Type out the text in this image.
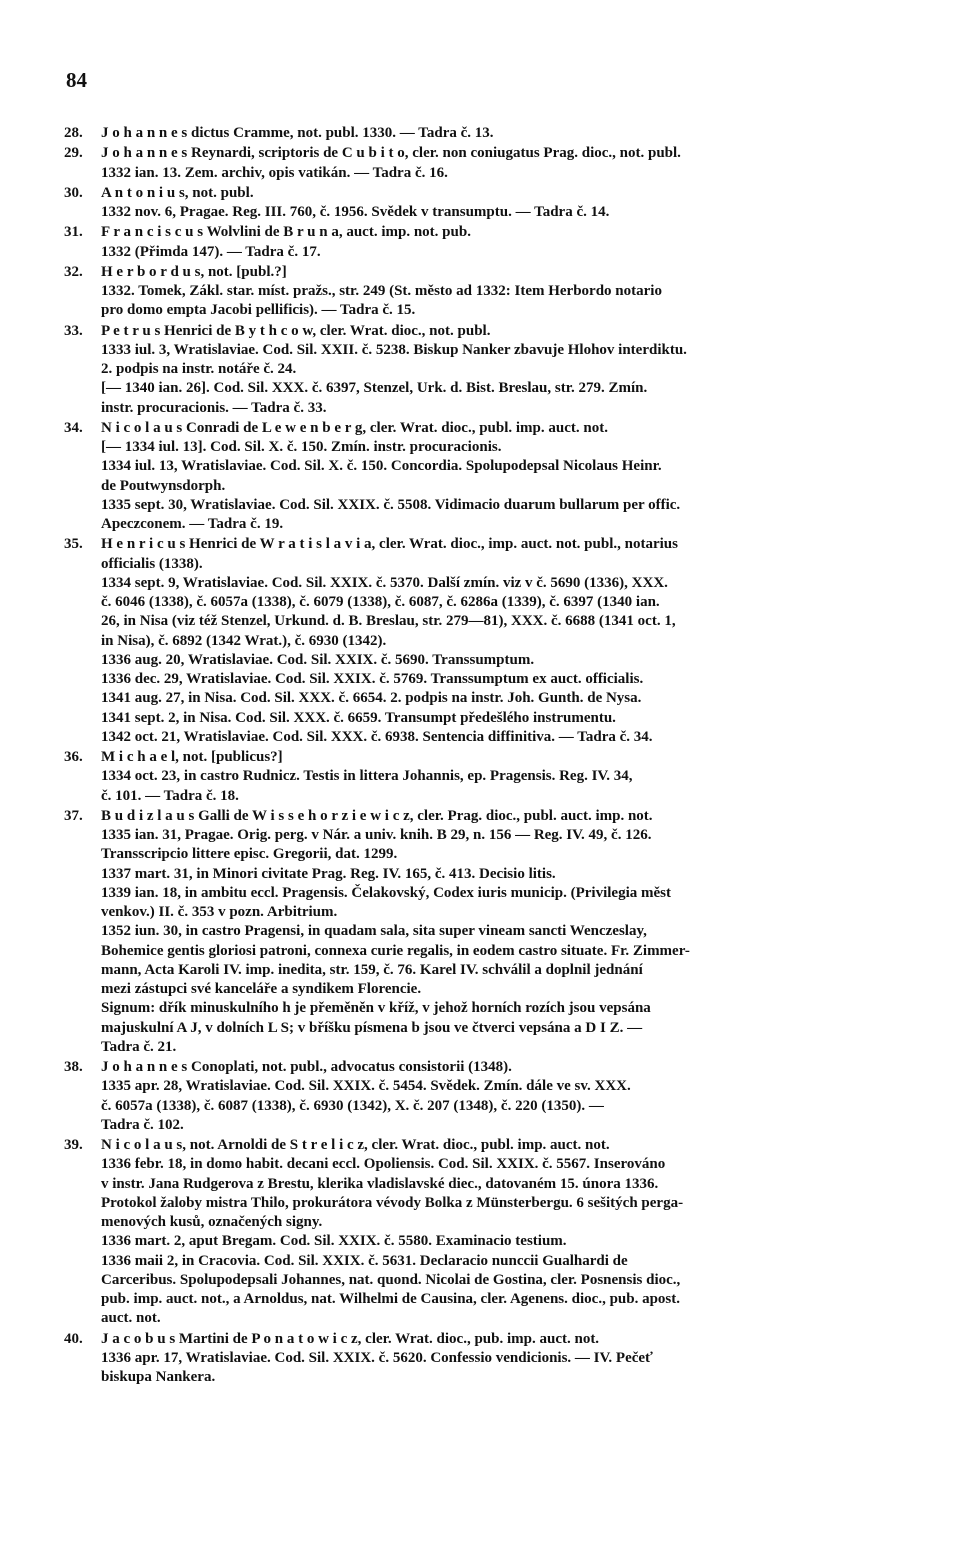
84
28. J o h a n n e s dictus Cramme, not. publ. 1330. — Tadra č. 13.
29. J o h a n n e s Reynardi, scriptoris de C u b i t o, cler. non coniugatus Prag. dioc., not. publ.
1332 ian. 13. Zem. archiv, opis vatikán. — Tadra č. 16.
30. A n t o n i u s, not. publ.
1332 nov. 6, Pragae. Reg. III. 760, č. 1956. Svědek v transumptu. — Tadra č. 14.
31. F r a n c i s c u s Wolvlini de B r u n a, auct. imp. not. pub.
1332 (Přimda 147). — Tadra č. 17.
32. H e r b o r d u s, not. [publ.?]
1332. Tomek, Zákl. star. míst. pražs., str. 249 (St. město ad 1332: Item Herbordo notario
pro domo empta Jacobi pellificis). — Tadra č. 15.
33. P e t r u s Henrici de B y t h c o w, cler. Wrat. dioc., not. publ.
1333 iul. 3, Wratislaviae. Cod. Sil. XXII. č. 5238. Biskup Nanker zbavuje Hlohov interdiktu.
2. podpis na instr. notáře č. 24.
[— 1340 ian. 26]. Cod. Sil. XXX. č. 6397, Stenzel, Urk. d. Bist. Breslau, str. 279. Zmín.
instr. procuracionis. — Tadra č. 33.
34. N i c o l a u s Conradi de L e w e n b e r g, cler. Wrat. dioc., publ. imp. auct. not.
[— 1334 iul. 13]. Cod. Sil. X. č. 150. Zmín. instr. procuracionis.
1334 iul. 13, Wratislaviae. Cod. Sil. X. č. 150. Concordia. Spolupodepsal Nicolaus Heinr.
de Poutwynsdorph.
1335 sept. 30, Wratislaviae. Cod. Sil. XXIX. č. 5508. Vidimacio duarum bullarum per offic.
Apeczconem. — Tadra č. 19.
35. H e n r i c u s Henrici de W r a t i s l a v i a, cler. Wrat. dioc., imp. auct. not. publ., notarius
officialis (1338).
1334 sept. 9, Wratislaviae. Cod. Sil. XXIX. č. 5370. Další zmín. viz v č. 5690 (1336), XXX.
č. 6046 (1338), č. 6057a (1338), č. 6079 (1338), č. 6087, č. 6286a (1339), č. 6397 (1340 ian.
26, in Nisa (viz též Stenzel, Urkund. d. B. Breslau, str. 279—81), XXX. č. 6688 (1341 oct. 1,
in Nisa), č. 6892 (1342 Wrat.), č. 6930 (1342).
1336 aug. 20, Wratislaviae. Cod. Sil. XXIX. č. 5690. Transsumptum.
1336 dec. 29, Wratislaviae. Cod. Sil. XXIX. č. 5769. Transsumptum ex auct. officialis.
1341 aug. 27, in Nisa. Cod. Sil. XXX. č. 6654. 2. podpis na instr. Joh. Gunth. de Nysa.
1341 sept. 2, in Nisa. Cod. Sil. XXX. č. 6659. Transumpt předešlého instrumentu.
1342 oct. 21, Wratislaviae. Cod. Sil. XXX. č. 6938. Sentencia diffinitiva. — Tadra č. 34.
36. M i c h a e l, not. [publicus?]
1334 oct. 23, in castro Rudnicz. Testis in littera Johannis, ep. Pragensis. Reg. IV. 34,
č. 101. — Tadra č. 18.
37. B u d i z l a u s Galli de W i s s e h o r z i e w i c z, cler. Prag. dioc., publ. auct. imp. not.
1335 ian. 31, Pragae. Orig. perg. v Nár. a univ. knih. B 29, n. 156 — Reg. IV. 49, č. 126.
Transscripcio littere episc. Gregorii, dat. 1299.
1337 mart. 31, in Minori civitate Prag. Reg. IV. 165, č. 413. Decisio litis.
1339 ian. 18, in ambitu eccl. Pragensis. Čelakovský, Codex iuris municip. (Privilegia měst
venkov.) II. č. 353 v pozn. Arbitrium.
1352 iun. 30, in castro Pragensi, in quadam sala, sita super vineam sancti Wenczeslay,
Bohemice gentis gloriosi patroni, connexa curie regalis, in eodem castro situate. Fr. Zimmer-
mann, Acta Karoli IV. imp. inedita, str. 159, č. 76. Karel IV. schválil a doplnil jednání
mezi zástupci své kanceláře a syndikem Florencie.
Signum: dřík minuskulního h je přeměněn v kříž, v jehož horních rozích jsou vepsána
majuskulní A J, v dolních L S; v bříšku písmena b jsou ve čtverci vepsána a D I Z. —
Tadra č. 21.
38. J o h a n n e s Conoplati, not. publ., advocatus consistorii (1348).
1335 apr. 28, Wratislaviae. Cod. Sil. XXIX. č. 5454. Svědek. Zmín. dále ve sv. XXX.
č. 6057a (1338), č. 6087 (1338), č. 6930 (1342), X. č. 207 (1348), č. 220 (1350). —
Tadra č. 102.
39. N i c o l a u s, not. Arnoldi de S t r e l i c z, cler. Wrat. dioc., publ. imp. auct. not.
1336 febr. 18, in domo habit. decani eccl. Opoliensis. Cod. Sil. XXIX. č. 5567. Inserováno
v instr. Jana Rudgerova z Brestu, klerika vladislavské diec., datovaném 15. února 1336.
Protokol žaloby mistra Thilo, prokurátora vévody Bolka z Münsterbergu. 6 sešitých perga-
menových kusů, označených signy.
1336 mart. 2, aput Bregam. Cod. Sil. XXIX. č. 5580. Examinacio testium.
1336 maii 2, in Cracovia. Cod. Sil. XXIX. č. 5631. Declaracio nunccii Gualhardi de
Carceribus. Spolupodepsali Johannes, nat. quond. Nicolai de Gostina, cler. Posnensis dioc.,
pub. imp. auct. not., a Arnoldus, nat. Wilhelmi de Causina, cler. Agenens. dioc., pub. apost.
auct. not.
40. J a c o b u s Martini de P o n a t o w i c z, cler. Wrat. dioc., pub. imp. auct. not.
1336 apr. 17, Wratislaviae. Cod. Sil. XXIX. č. 5620. Confessio vendicionis. — IV. Pečeť
biskupa Nankera.
